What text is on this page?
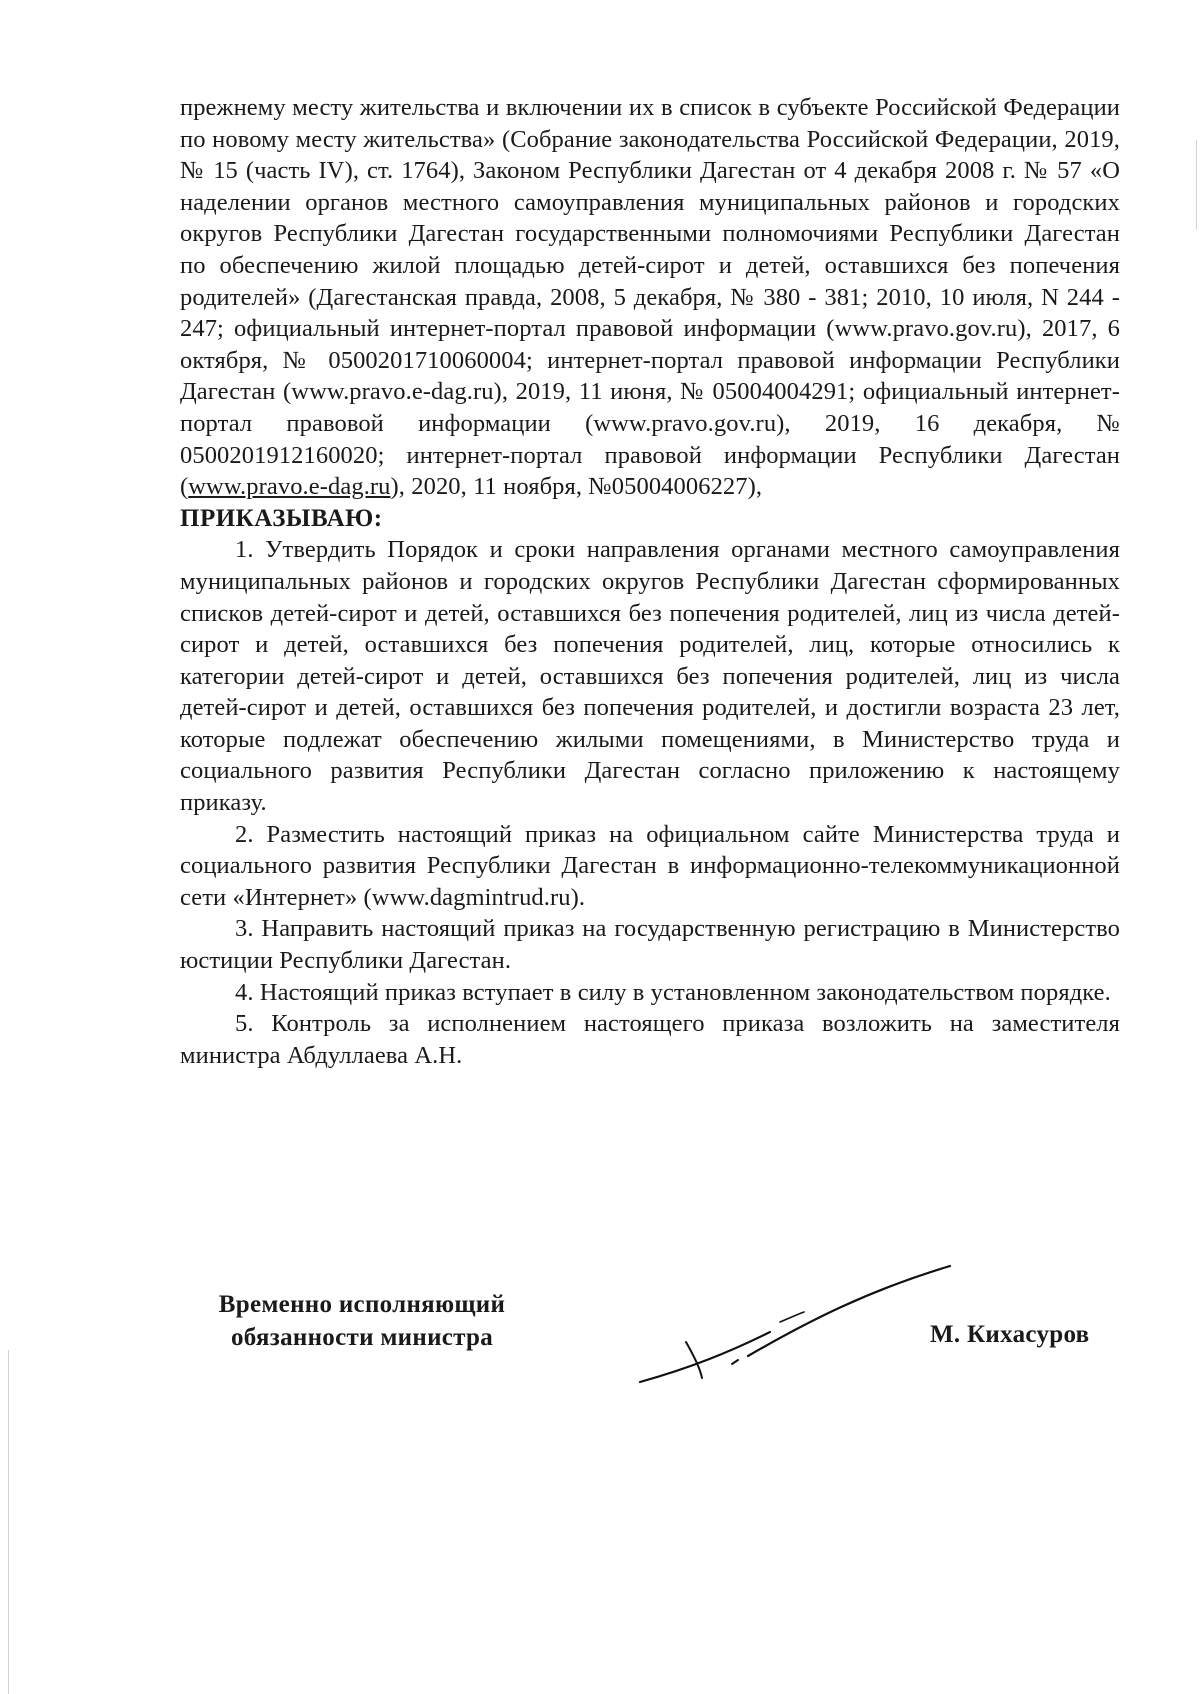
прежнему месту жительства и включении их в список в субъекте Российской Федерации по новому месту жительства» (Собрание законодательства Российской Федерации, 2019, № 15 (часть IV), ст. 1764), Законом Республики Дагестан от 4 декабря 2008 г. № 57 «О наделении органов местного самоуправления муниципальных районов и городских округов Республики Дагестан государственными полномочиями Республики Дагестан по обеспечению жилой площадью детей-сирот и детей, оставшихся без попечения родителей» (Дагестанская правда, 2008, 5 декабря, № 380 - 381; 2010, 10 июля, N 244 - 247; официальный интернет-портал правовой информации (www.pravo.gov.ru), 2017, 6 октября, № 0500201710060004; интернет-портал правовой информации Республики Дагестан (www.pravo.e-dag.ru), 2019, 11 июня, № 05004004291; официальный интернет-портал правовой информации (www.pravo.gov.ru), 2019, 16 декабря, № 0500201912160020; интернет-портал правовой информации Республики Дагестан (www.pravo.e-dag.ru), 2020, 11 ноября, №05004006227),

ПРИКАЗЫВАЮ:

1. Утвердить Порядок и сроки направления органами местного самоуправления муниципальных районов и городских округов Республики Дагестан сформированных списков детей-сирот и детей, оставшихся без попечения родителей, лиц из числа детей-сирот и детей, оставшихся без попечения родителей, лиц, которые относились к категории детей-сирот и детей, оставшихся без попечения родителей, лиц из числа детей-сирот и детей, оставшихся без попечения родителей, и достигли возраста 23 лет, которые подлежат обеспечению жилыми помещениями, в Министерство труда и социального развития Республики Дагестан согласно приложению к настоящему приказу.

2. Разместить настоящий приказ на официальном сайте Министерства труда и социального развития Республики Дагестан в информационно-телекоммуникационной сети «Интернет» (www.dagmintrud.ru).

3. Направить настоящий приказ на государственную регистрацию в Министерство юстиции Республики Дагестан.

4. Настоящий приказ вступает в силу в установленном законодательством порядке.

5. Контроль за исполнением настоящего приказа возложить на заместителя министра Абдуллаева А.Н.

Временно исполняющий
обязанности министра	М. Кихасуров
